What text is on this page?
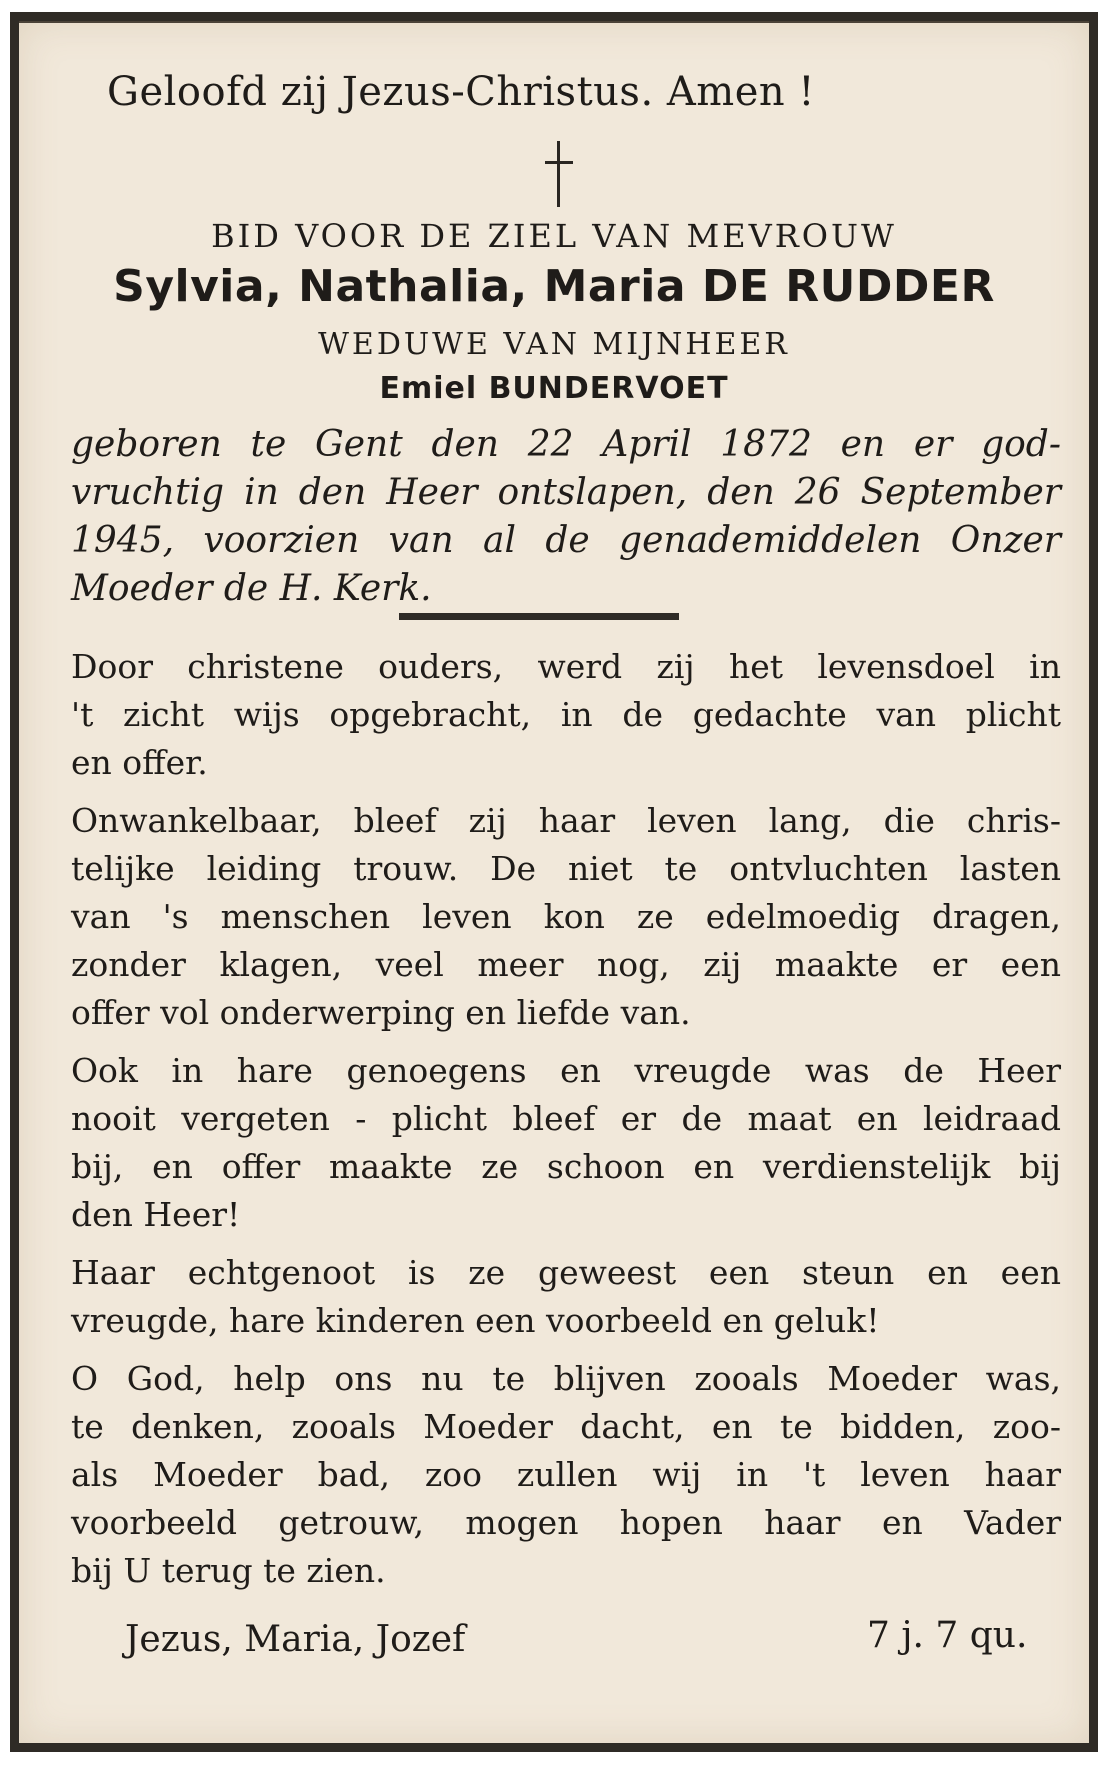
Geloofd zij Jezus-Christus. Amen !
BID VOOR DE ZIEL VAN MEVROUW
Sylvia, Nathalia, Maria DE RUDDER
WEDUWE VAN MIJNHEER
Emiel BUNDERVOET
geboren te Gent den 22 April 1872 en er god-
vruchtig in den Heer ontslapen, den 26 September
1945, voorzien van al de genademiddelen Onzer
Moeder de H. Kerk.
Door christene ouders, werd zij het levensdoel in
't zicht wijs opgebracht, in de gedachte van plicht
en offer.
Onwankelbaar, bleef zij haar leven lang, die chris-
telijke leiding trouw. De niet te ontvluchten lasten
van 's menschen leven kon ze edelmoedig dragen,
zonder klagen, veel meer nog, zij maakte er een
offer vol onderwerping en liefde van.
Ook in hare genoegens en vreugde was de Heer
nooit vergeten - plicht bleef er de maat en leidraad
bij, en offer maakte ze schoon en verdienstelijk bij
den Heer!
Haar echtgenoot is ze geweest een steun en een
vreugde, hare kinderen een voorbeeld en geluk!
O God, help ons nu te blijven zooals Moeder was,
te denken, zooals Moeder dacht, en te bidden, zoo-
als Moeder bad, zoo zullen wij in 't leven haar
voorbeeld getrouw, mogen hopen haar en Vader
bij U terug te zien.
Jezus, Maria, Jozef	7 j. 7 qu.
